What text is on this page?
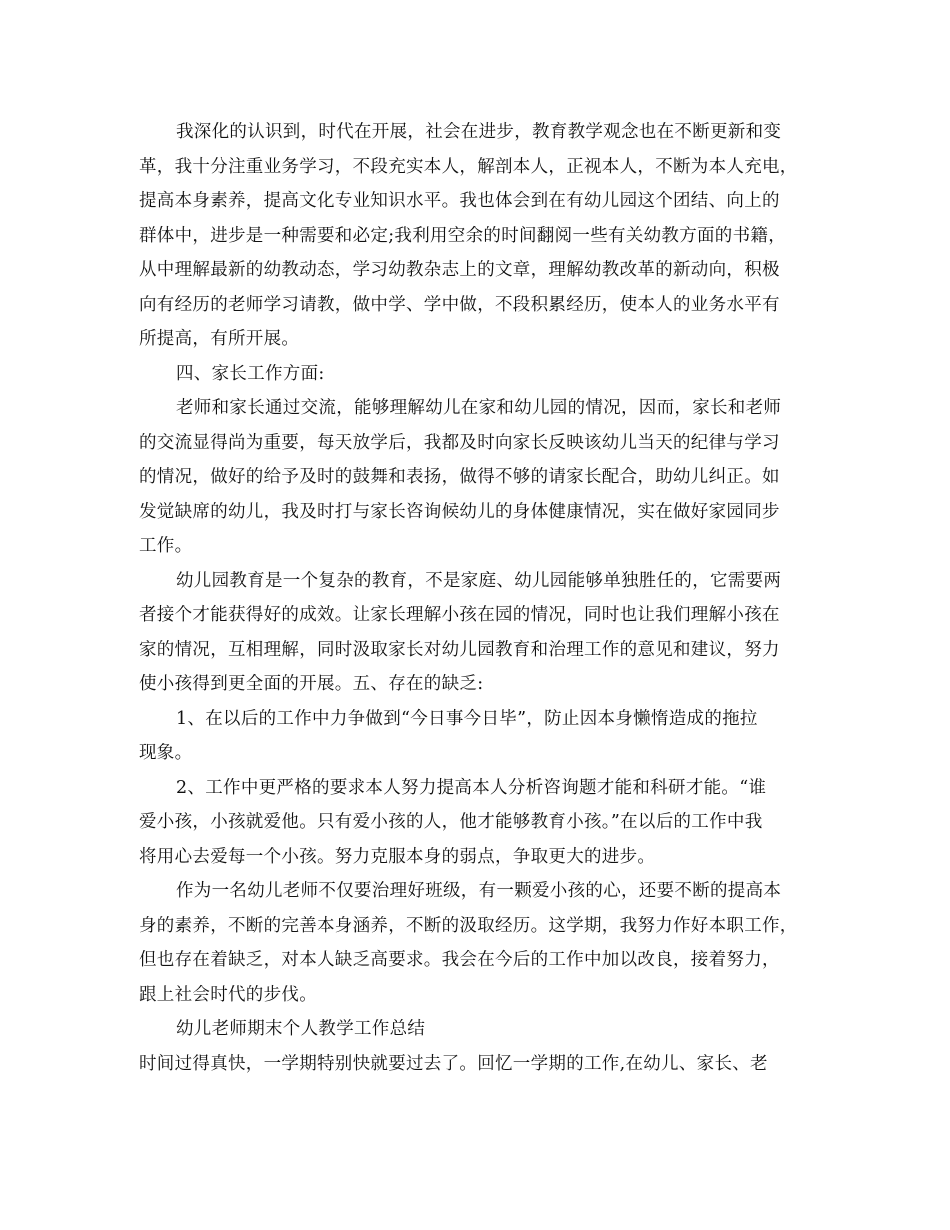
我深化的认识到，时代在开展，社会在进步，教育教学观念也在不断更新和变
革，我十分注重业务学习，不段充实本人，解剖本人，正视本人，不断为本人充电，
提高本身素养，提高文化专业知识水平。我也体会到在有幼儿园这个团结、向上的
群体中，进步是一种需要和必定;我利用空余的时间翻阅一些有关幼教方面的书籍，
从中理解最新的幼教动态，学习幼教杂志上的文章，理解幼教改革的新动向，积极
向有经历的老师学习请教，做中学、学中做，不段积累经历，使本人的业务水平有
所提高，有所开展。
四、家长工作方面:
老师和家长通过交流，能够理解幼儿在家和幼儿园的情况，因而，家长和老师
的交流显得尚为重要，每天放学后，我都及时向家长反映该幼儿当天的纪律与学习
的情况，做好的给予及时的鼓舞和表扬，做得不够的请家长配合，助幼儿纠正。如
发觉缺席的幼儿，我及时打与家长咨询候幼儿的身体健康情况，实在做好家园同步
工作。
幼儿园教育是一个复杂的教育，不是家庭、幼儿园能够单独胜任的，它需要两
者接个才能获得好的成效。让家长理解小孩在园的情况，同时也让我们理解小孩在
家的情况，互相理解，同时汲取家长对幼儿园教育和治理工作的意见和建议，努力
使小孩得到更全面的开展。五、存在的缺乏:
1、在以后的工作中力争做到“今日事今日毕”，防止因本身懒惰造成的拖拉
现象。
2、工作中更严格的要求本人努力提高本人分析咨询题才能和科研才能。“谁
爱小孩，小孩就爱他。只有爱小孩的人，他才能够教育小孩。”在以后的工作中我
将用心去爱每一个小孩。努力克服本身的弱点，争取更大的进步。
作为一名幼儿老师不仅要治理好班级，有一颗爱小孩的心，还要不断的提高本
身的素养，不断的完善本身涵养，不断的汲取经历。这学期，我努力作好本职工作，
但也存在着缺乏，对本人缺乏高要求。我会在今后的工作中加以改良，接着努力，
跟上社会时代的步伐。
幼儿老师期末个人教学工作总结
时间过得真快，一学期特别快就要过去了。回忆一学期的工作,在幼儿、家长、老
